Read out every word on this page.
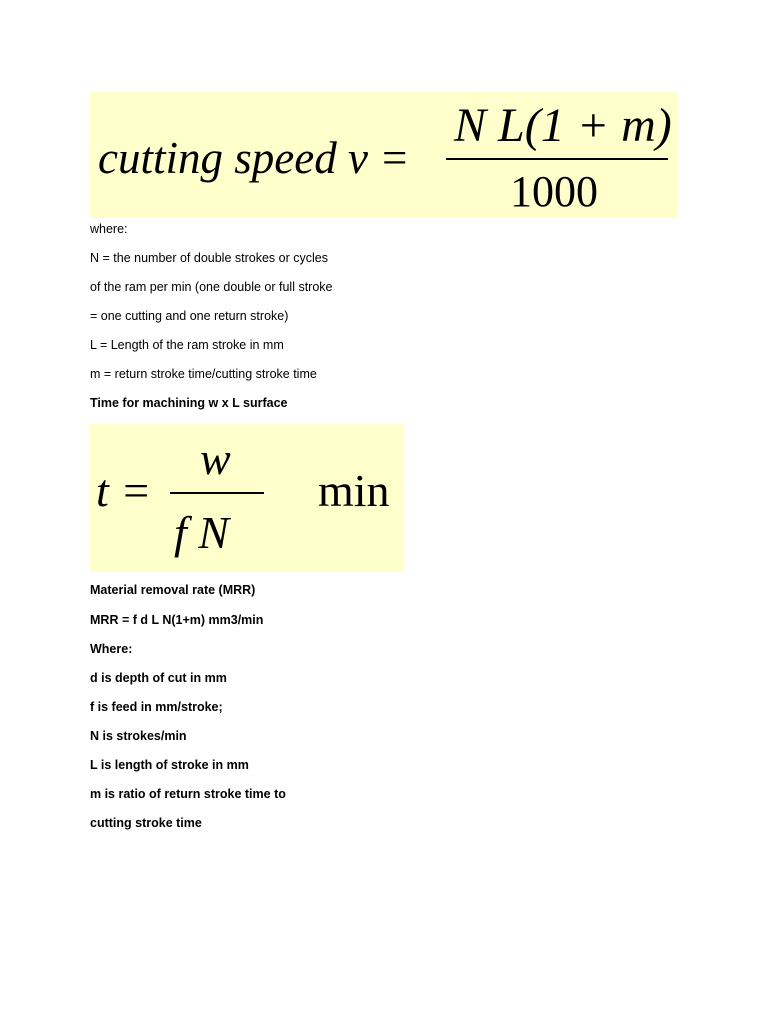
cutting speed v =
N L(1 + m)
1000
where:
N = the number of double strokes or cycles
of the ram per min (one double or full stroke
= one cutting and one return stroke)
L = Length of the ram stroke in mm
m = return stroke time/cutting stroke time
Time for machining w x L surface
t =
w
f N
min
Material removal rate (MRR)
MRR = f d L N(1+m) mm3/min
Where:
d is depth of cut in mm
f is feed in mm/stroke;
N is strokes/min
L is length of stroke in mm
m is ratio of return stroke time to
cutting stroke time
